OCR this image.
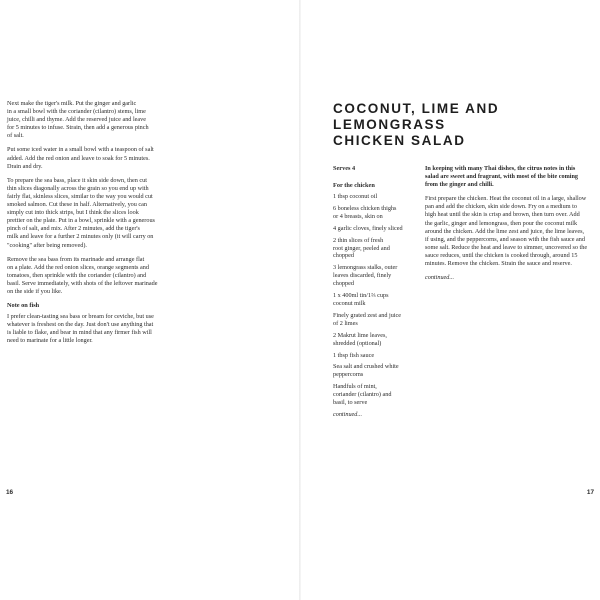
Next make the tiger's milk. Put the ginger and garlic
in a small bowl with the coriander (cilantro) stems, lime
juice, chilli and thyme. Add the reserved juice and leave
for 5 minutes to infuse. Strain, then add a generous pinch
of salt.

Put some iced water in a small bowl with a teaspoon of salt
added. Add the red onion and leave to soak for 5 minutes.
Drain and dry.

To prepare the sea bass, place it skin side down, then cut
thin slices diagonally across the grain so you end up with
fairly flat, skinless slices, similar to the way you would cut
smoked salmon. Cut these in half. Alternatively, you can
simply cut into thick strips, but I think the slices look
prettier on the plate. Put in a bowl, sprinkle with a generous
pinch of salt, and mix. After 2 minutes, add the tiger's
milk and leave for a further 2 minutes only (it will carry on
"cooking" after being removed).

Remove the sea bass from its marinade and arrange flat
on a plate. Add the red onion slices, orange segments and
tomatoes, then sprinkle with the coriander (cilantro) and
basil. Serve immediately, with shots of the leftover marinade
on the side if you like.

Note on fish

I prefer clean-tasting sea bass or bream for ceviche, but use
whatever is freshest on the day. Just don't use anything that
is liable to flake, and bear in mind that any firmer fish will
need to marinate for a little longer.

16	17
COCONUT, LIME AND LEMONGRASS
CHICKEN SALAD

Serves 4

For the chicken

1 tbsp coconut oil
6 boneless chicken thighs
or 4 breasts, skin on
4 garlic cloves, finely sliced
2 thin slices of fresh
root ginger, peeled and
chopped
3 lemongrass stalks, outer
leaves discarded, finely
chopped
1 x 400ml tin/1⅔ cups
coconut milk
Finely grated zest and juice
of 2 limes
2 Makrut lime leaves,
shredded (optional)
1 tbsp fish sauce
Sea salt and crushed white
peppercorns
Handfuls of mint,
coriander (cilantro) and
basil, to serve

continued...

In keeping with many Thai dishes, the citrus notes in this salad are sweet and fragrant, with most of the bite coming from the ginger and chilli.

First prepare the chicken. Heat the coconut oil in a large, shallow pan and add the chicken, skin side down. Fry on a medium to high heat until the skin is crisp and brown, then turn over. Add the garlic, ginger and lemongrass, then pour the coconut milk around the chicken. Add the lime zest and juice, the lime leaves, if using, and the peppercorns, and season with the fish sauce and some salt. Reduce the heat and leave to simmer, uncovered so the sauce reduces, until the chicken is cooked through, around 15 minutes. Remove the chicken. Strain the sauce and reserve.

continued...
